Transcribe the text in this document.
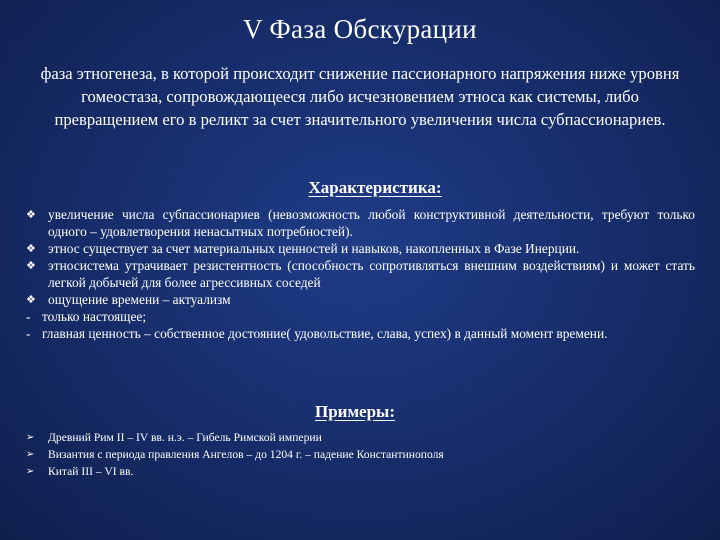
V Фаза Обскурации
фаза этногенеза, в которой происходит снижение пассионарного напряжения ниже уровня гомеостаза, сопровождающееся либо исчезновением этноса как системы, либо превращением его в реликт за счет значительного увеличения числа субпассионариев.
Характеристика:
❖ увеличение числа субпассионариев (невозможность любой конструктивной деятельности, требуют только одного – удовлетворения ненасытных потребностей).
❖ этнос существует за счет материальных ценностей и навыков, накопленных в Фазе Инерции.
❖ этносистема утрачивает резистентность (способность сопротивляться внешним воздействиям) и может стать легкой добычей для более агрессивных соседей
❖ ощущение времени – актуализм
- только настоящее;
- главная ценность – собственное достояние( удовольствие, слава, успех) в данный момент времени.
Примеры:
➢	Древний Рим II – IV вв. н.э. – Гибель Римской империи
➢	Византия с периода правления Ангелов – до 1204 г. – падение Константинополя
➢	Китай III – VI вв.
